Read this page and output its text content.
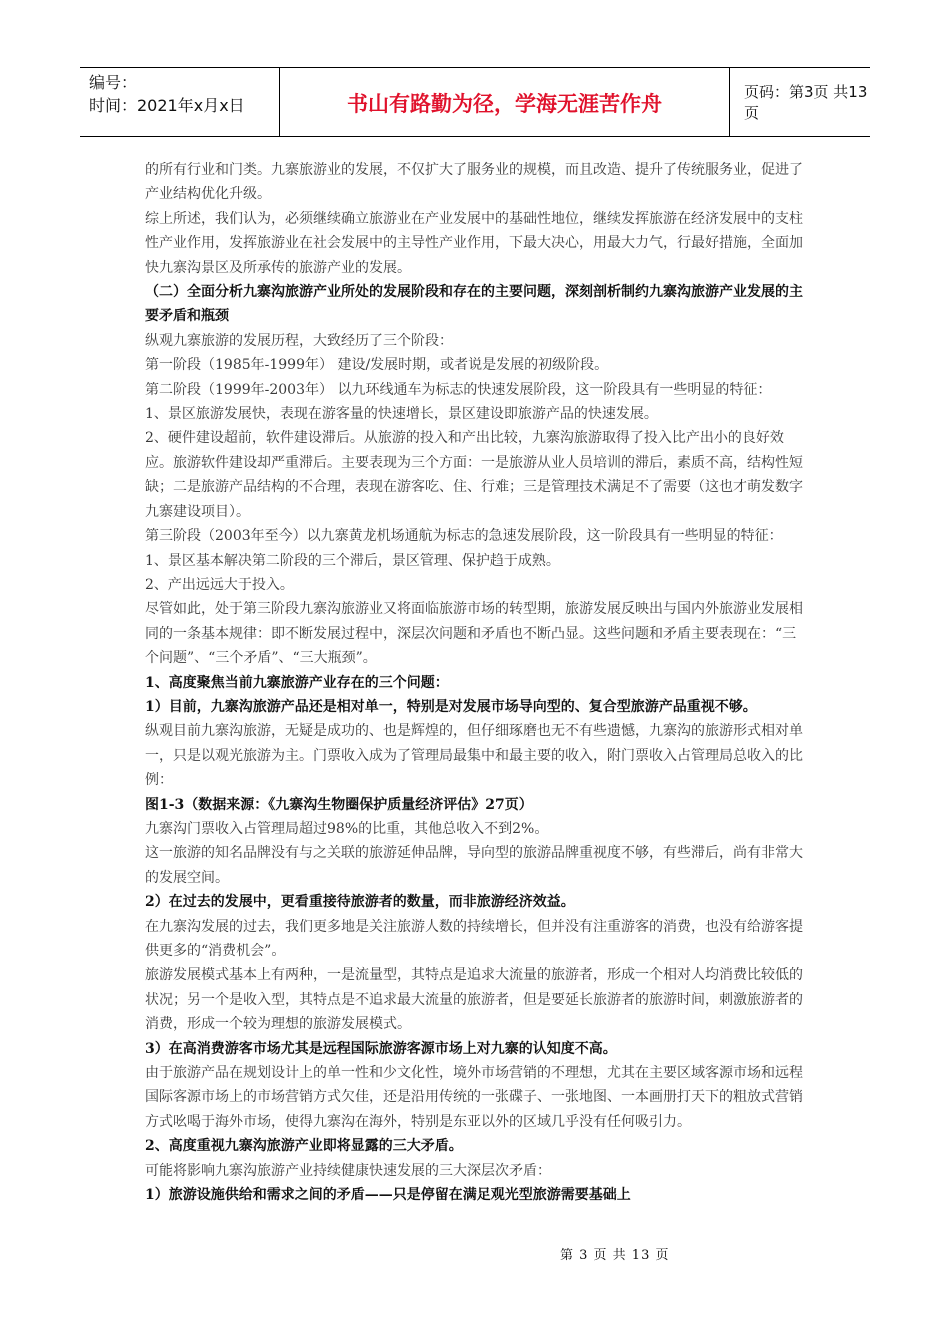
编号：
时间：2021年x月x日	书山有路勤为径，学海无涯苦作舟	页码：第3页 共13页

的所有行业和门类。九寨旅游业的发展，不仅扩大了服务业的规模，而且改造、提升了传统服务业，促进了产业结构优化升级。

综上所述，我们认为，必须继续确立旅游业在产业发展中的基础性地位，继续发挥旅游在经济发展中的支柱性产业作用，发挥旅游业在社会发展中的主导性产业作用，下最大决心，用最大力气，行最好措施，全面加快九寨沟景区及所承传的旅游产业的发展。

（二）全面分析九寨沟旅游产业所处的发展阶段和存在的主要问题，深刻剖析制约九寨沟旅游产业发展的主要矛盾和瓶颈

纵观九寨旅游的发展历程，大致经历了三个阶段：

第一阶段（1985年-1999年） 建设/发展时期，或者说是发展的初级阶段。

第二阶段（1999年-2003年） 以九环线通车为标志的快速发展阶段，这一阶段具有一些明显的特征：

1、景区旅游发展快，表现在游客量的快速增长，景区建设即旅游产品的快速发展。

2、硬件建设超前，软件建设滞后。从旅游的投入和产出比较，九寨沟旅游取得了投入比产出小的良好效应。旅游软件建设却严重滞后。主要表现为三个方面：一是旅游从业人员培训的滞后，素质不高，结构性短缺；二是旅游产品结构的不合理，表现在游客吃、住、行难；三是管理技术满足不了需要（这也才萌发数字九寨建设项目）。

第三阶段（2003年至今）以九寨黄龙机场通航为标志的急速发展阶段，这一阶段具有一些明显的特征：

1、景区基本解决第二阶段的三个滞后，景区管理、保护趋于成熟。

2、产出远远大于投入。

尽管如此，处于第三阶段九寨沟旅游业又将面临旅游市场的转型期，旅游发展反映出与国内外旅游业发展相同的一条基本规律：即不断发展过程中，深层次问题和矛盾也不断凸显。这些问题和矛盾主要表现在：“三个问题”、“三个矛盾”、“三大瓶颈”。

1、高度聚焦当前九寨旅游产业存在的三个问题：

1）目前，九寨沟旅游产品还是相对单一，特别是对发展市场导向型的、复合型旅游产品重视不够。

纵观目前九寨沟旅游，无疑是成功的、也是辉煌的，但仔细琢磨也无不有些遗憾，九寨沟的旅游形式相对单一，只是以观光旅游为主。门票收入成为了管理局最集中和最主要的收入，附门票收入占管理局总收入的比例：

图1-3（数据来源：《九寨沟生物圈保护质量经济评估》27页）

九寨沟门票收入占管理局超过98%的比重，其他总收入不到2%。

这一旅游的知名品牌没有与之关联的旅游延伸品牌，导向型的旅游品牌重视度不够，有些滞后，尚有非常大的发展空间。

2）在过去的发展中，更看重接待旅游者的数量，而非旅游经济效益。

在九寨沟发展的过去，我们更多地是关注旅游人数的持续增长，但并没有注重游客的消费，也没有给游客提供更多的“消费机会”。

旅游发展模式基本上有两种，一是流量型，其特点是追求大流量的旅游者，形成一个相对人均消费比较低的状况；另一个是收入型，其特点是不追求最大流量的旅游者，但是要延长旅游者的旅游时间，刺激旅游者的消费，形成一个较为理想的旅游发展模式。

3）在高消费游客市场尤其是远程国际旅游客源市场上对九寨的认知度不高。

由于旅游产品在规划设计上的单一性和少文化性，境外市场营销的不理想，尤其在主要区域客源市场和远程国际客源市场上的市场营销方式欠佳，还是沿用传统的一张碟子、一张地图、一本画册打天下的粗放式营销方式吆喝于海外市场，使得九寨沟在海外，特别是东亚以外的区域几乎没有任何吸引力。

2、高度重视九寨沟旅游产业即将显露的三大矛盾。

可能将影响九寨沟旅游产业持续健康快速发展的三大深层次矛盾：

1）旅游设施供给和需求之间的矛盾——只是停留在满足观光型旅游需要基础上

第 3 页 共 13 页
